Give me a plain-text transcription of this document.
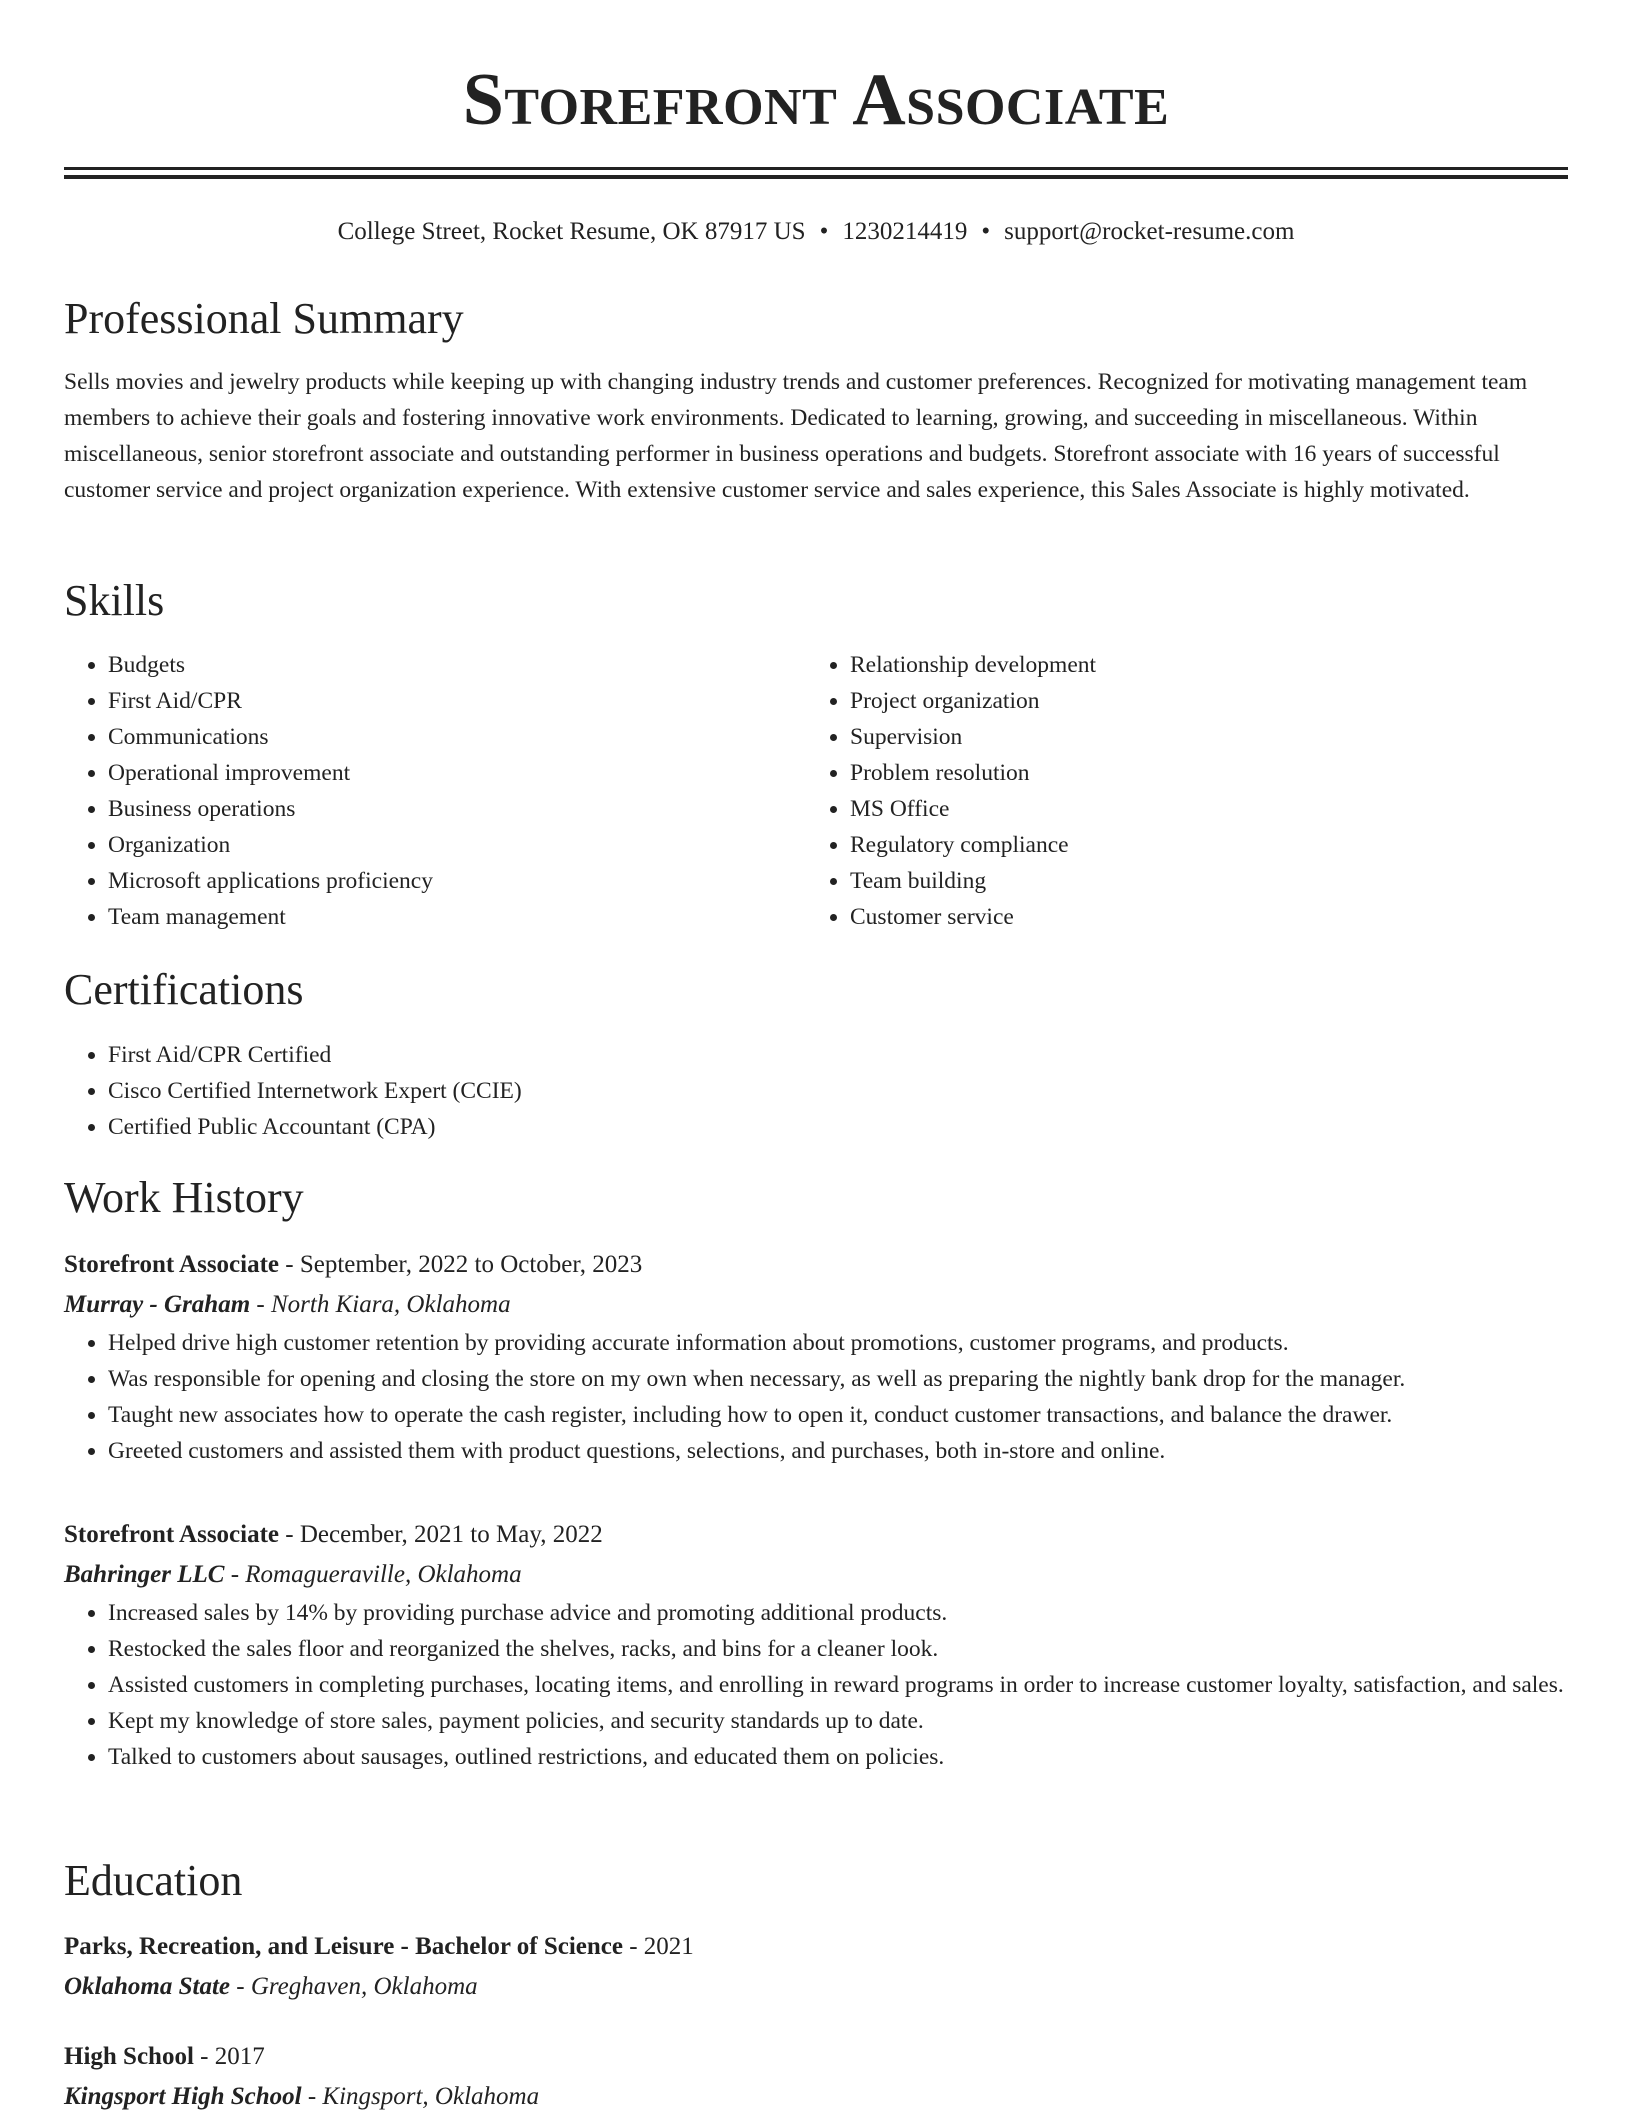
Storefront Associate
College Street, Rocket Resume, OK 87917 US • 1230214419 • support@rocket-resume.com
Professional Summary

Sells movies and jewelry products while keeping up with changing industry trends and customer preferences. Recognized for motivating management team members to achieve their goals and fostering innovative work environments. Dedicated to learning, growing, and succeeding in miscellaneous. Within miscellaneous, senior storefront associate and outstanding performer in business operations and budgets. Storefront associate with 16 years of successful customer service and project organization experience. With extensive customer service and sales experience, this Sales Associate is highly motivated.

Skills
• Budgets
• First Aid/CPR
• Communications
• Operational improvement
• Business operations
• Organization
• Microsoft applications proficiency
• Team management
• Relationship development
• Project organization
• Supervision
• Problem resolution
• MS Office
• Regulatory compliance
• Team building
• Customer service
Certifications
• First Aid/CPR Certified
• Cisco Certified Internetwork Expert (CCIE)
• Certified Public Accountant (CPA)
Work History
Storefront Associate - September, 2022 to October, 2023
Murray - Graham - North Kiara, Oklahoma
• Helped drive high customer retention by providing accurate information about promotions, customer programs, and products.
• Was responsible for opening and closing the store on my own when necessary, as well as preparing the nightly bank drop for the manager.
• Taught new associates how to operate the cash register, including how to open it, conduct customer transactions, and balance the drawer.
• Greeted customers and assisted them with product questions, selections, and purchases, both in-store and online.
Storefront Associate - December, 2021 to May, 2022
Bahringer LLC - Romagueraville, Oklahoma
• Increased sales by 14% by providing purchase advice and promoting additional products.
• Restocked the sales floor and reorganized the shelves, racks, and bins for a cleaner look.
• Assisted customers in completing purchases, locating items, and enrolling in reward programs in order to increase customer loyalty, satisfaction, and sales.
• Kept my knowledge of store sales, payment policies, and security standards up to date.
• Talked to customers about sausages, outlined restrictions, and educated them on policies.
Education
Parks, Recreation, and Leisure - Bachelor of Science - 2021
Oklahoma State - Greghaven, Oklahoma
High School - 2017
Kingsport High School - Kingsport, Oklahoma
